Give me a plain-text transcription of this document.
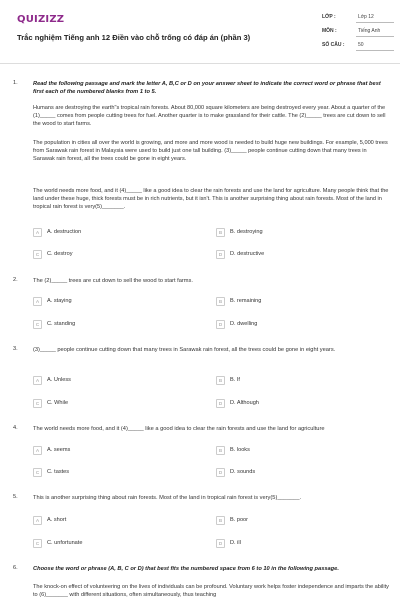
QUIZIZZ
Trắc nghiệm Tiếng anh 12 Điền vào chỗ trống có đáp án (phần 3)
LỚP :	Lớp 12
MÔN :	Tiếng Anh
SỐ CÂU :	50
1.	Read the following passage and mark the letter A, B,C or D on your answer sheet to indicate the correct word or phrase that best first each of the numbered blanks from 1 to 5.
Humans are destroying the earth"s tropical rain forests. About 80,000 square kilometers are being destroyed every year. About a quarter of the (1)_____ comes from people cutting trees for fuel. Another quarter is to make grassland for their cattle. The (2)_____ trees are cut down to sell the wood to start farms.
The population in cities all over the world is growing, and more and more wood is needed to build huge new buildings. For example, 5,000 trees from Sarawak rain forest in Malaysia were used to build just one tall building. (3)_____ people continue cutting down that many trees in Sarawak rain forest, all the trees could be gone in eight years.
The world needs more food, and it (4)_____ like a good idea to clear the rain forests and use the land for agriculture. Many people think that the land under these huge, thick forests must be in rich nutrients, but it isn't. This is another surprising thing about rain forests. Most of the land in tropical rain forest is very(5)_______.
A	A. destruction	B	B. destroying
C	C. destroy	D	D. destructive
2.	The (2)_____ trees are cut down to sell the wood to start farms.
A	A. staying	B	B. remaining
C	C. standing	D	D. dwelling
3.	(3)_____ people continue cutting down that many trees in Sarawak rain forest, all the trees could be gone in eight years.
A	A. Unless	B	B. If
C	C. While	D	D. Although
4.	The world needs more food, and it (4)_____ like a good idea to clear the rain forests and use the land for agriculture
A	A. seems	B	B. looks
C	C. tastes	D	D. sounds
5.	This is another surprising thing about rain forests. Most of the land in tropical rain forest is very(5)_______.
A	A. short	B	B. poor
C	C. unfortunate	D	D. ill
6.	Choose the word or phrase (A, B, C or D) that best fits the numbered space from 6 to 10 in the following passage.
The knock-on effect of volunteering on the lives of individuals can be profound. Voluntary work helps foster independence and imparts the ability to (6)_______ with different situations, often simultaneously, thus teaching
